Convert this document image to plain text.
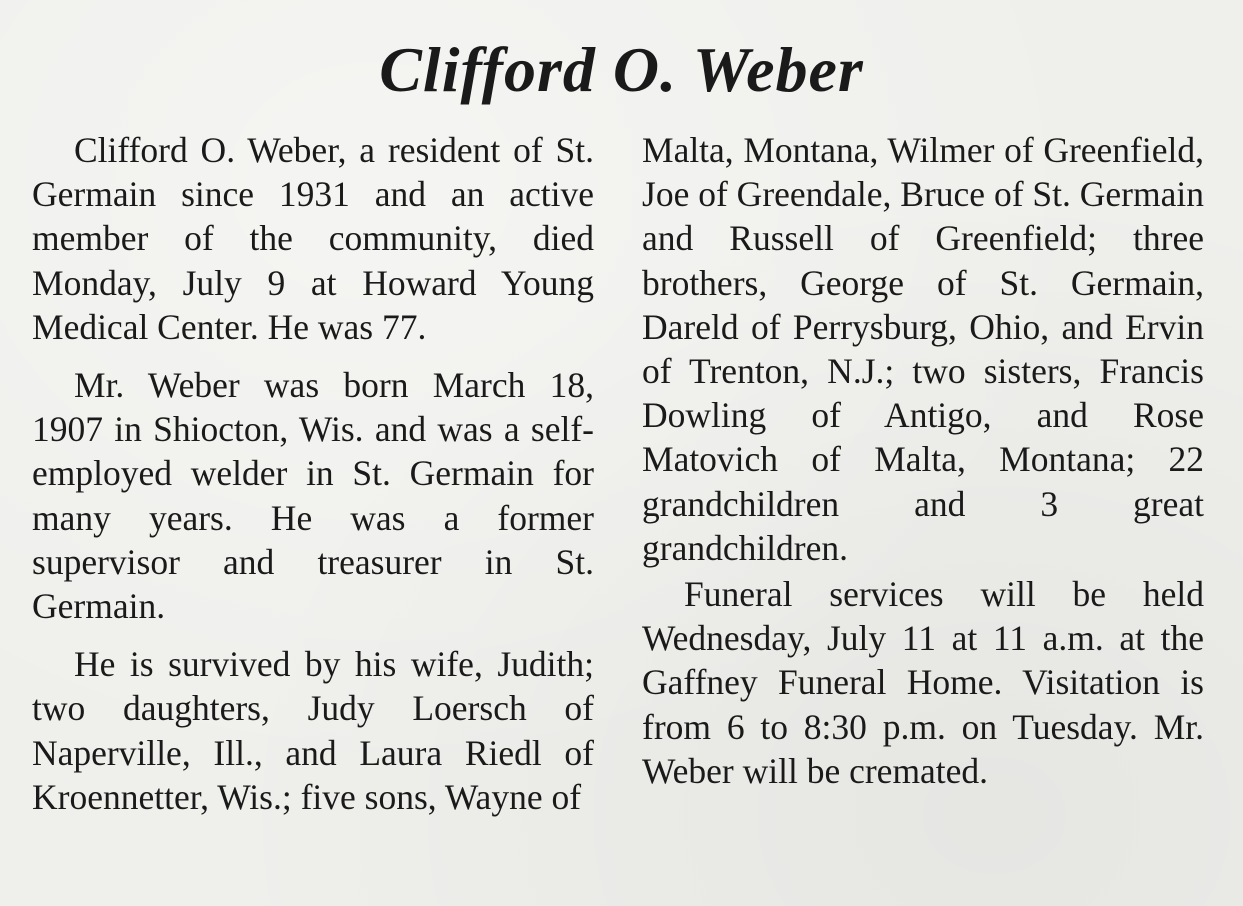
Clifford O. Weber

Clifford O. Weber, a resident of St. Germain since 1931 and an active member of the community, died Monday, July 9 at Howard Young Medical Center. He was 77.

Mr. Weber was born March 18, 1907 in Shiocton, Wis. and was a self-employed welder in St. Germain for many years. He was a former supervisor and treasurer in St. Germain.

He is survived by his wife, Judith; two daughters, Judy Loersch of Naperville, Ill., and Laura Riedl of Kroennetter, Wis.; five sons, Wayne of

Malta, Montana, Wilmer of Greenfield, Joe of Greendale, Bruce of St. Germain and Russell of Greenfield; three brothers, George of St. Germain, Dareld of Perrysburg, Ohio, and Ervin of Trenton, N.J.; two sisters, Francis Dowling of Antigo, and Rose Matovich of Malta, Montana; 22 grandchildren and 3 great grandchildren.

Funeral services will be held Wednesday, July 11 at 11 a.m. at the Gaffney Funeral Home. Visitation is from 6 to 8:30 p.m. on Tuesday. Mr. Weber will be cremated.
